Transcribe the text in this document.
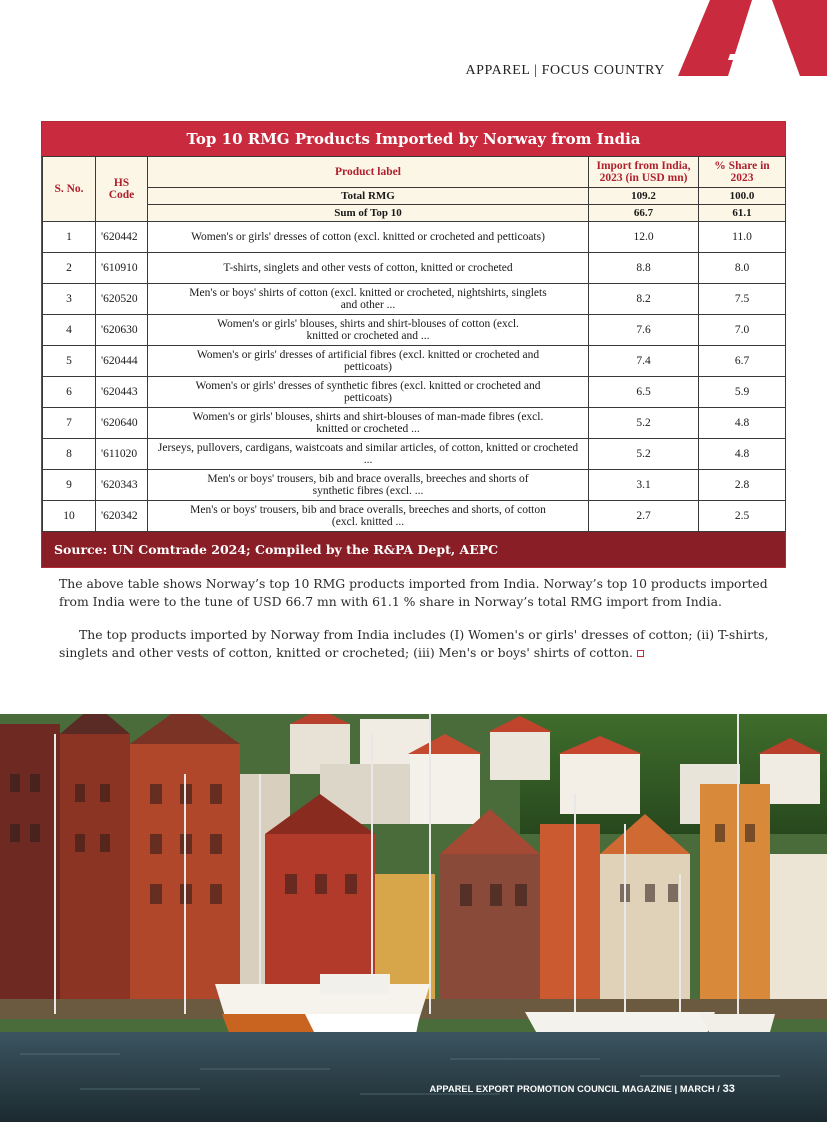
APPAREL | FOCUS COUNTRY
Top 10 RMG Products Imported by Norway from India
S. No.	HS Code	Product label	Import from India, 2023 (in USD mn)	% Share in 2023
		Total RMG	109.2	100.0
		Sum of Top 10	66.7	61.1
1	'620442	Women's or girls' dresses of cotton (excl. knitted or crocheted and petticoats)	12.0	11.0
2	'610910	T-shirts, singlets and other vests of cotton, knitted or crocheted	8.8	8.0
3	'620520	Men's or boys' shirts of cotton (excl. knitted or crocheted, nightshirts, singlets and other ...	8.2	7.5
4	'620630	Women's or girls' blouses, shirts and shirt-blouses of cotton (excl. knitted or crocheted and ...	7.6	7.0
5	'620444	Women's or girls' dresses of artificial fibres (excl. knitted or crocheted and petticoats)	7.4	6.7
6	'620443	Women's or girls' dresses of synthetic fibres (excl. knitted or crocheted and petticoats)	6.5	5.9
7	'620640	Women's or girls' blouses, shirts and shirt-blouses of man-made fibres (excl. knitted or crocheted ...	5.2	4.8
8	'611020	Jerseys, pullovers, cardigans, waistcoats and similar articles, of cotton, knitted or crocheted ...	5.2	4.8
9	'620343	Men's or boys' trousers, bib and brace overalls, breeches and shorts of synthetic fibres (excl. ...	3.1	2.8
10	'620342	Men's or boys' trousers, bib and brace overalls, breeches and shorts, of cotton (excl. knitted ...	2.7	2.5
Source: UN Comtrade 2024; Compiled by the R&PA Dept, AEPC

The above table shows Norway’s top 10 RMG products imported from India. Norway’s top 10 products imported from India were to the tune of USD 66.7 mn with 61.1 % share in Norway’s total RMG import from India.

The top products imported by Norway from India includes (I) Women's or girls' dresses of cotton; (ii) T-shirts, singlets and other vests of cotton, knitted or crocheted; (iii) Men's or boys' shirts of cotton.

APPAREL EXPORT PROMOTION COUNCIL MAGAZINE | MARCH / 33
